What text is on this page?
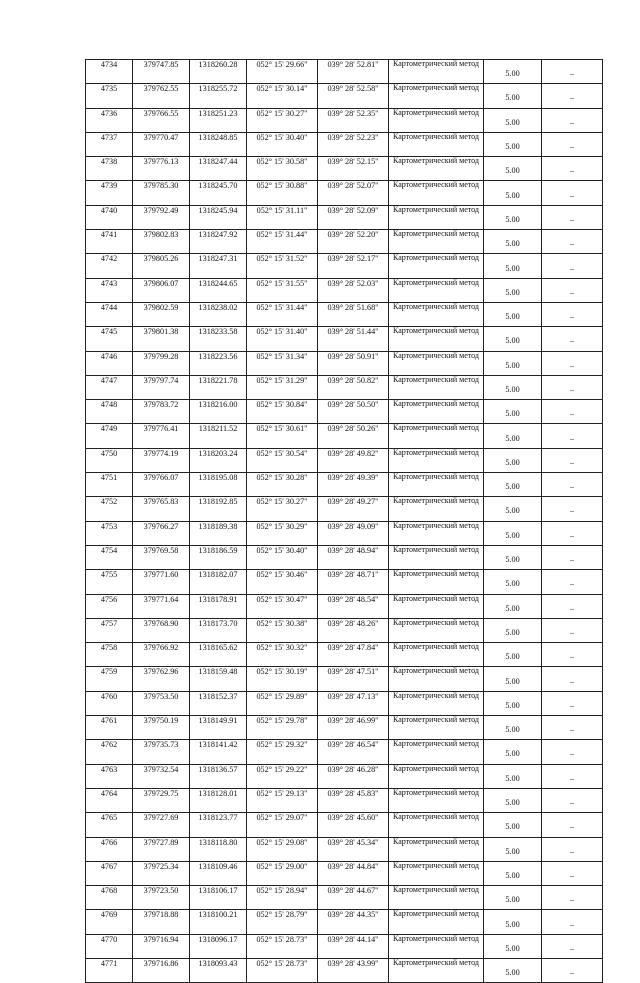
4734	379747.85	1318260.28	052° 15' 29.66"	039° 28' 52.81"	Картометрический метод	5.00	–
4735	379762.55	1318255.72	052° 15' 30.14"	039° 28' 52.58"	Картометрический метод	5.00	–
4736	379766.55	1318251.23	052° 15' 30.27"	039° 28' 52.35"	Картометрический метод	5.00	–
4737	379770.47	1318248.85	052° 15' 30.40"	039° 28' 52.23"	Картометрический метод	5.00	–
4738	379776.13	1318247.44	052° 15' 30.58"	039° 28' 52.15"	Картометрический метод	5.00	–
4739	379785.30	1318245.70	052° 15' 30.88"	039° 28' 52.07"	Картометрический метод	5.00	–
4740	379792.49	1318245.94	052° 15' 31.11"	039° 28' 52.09"	Картометрический метод	5.00	–
4741	379802.83	1318247.92	052° 15' 31.44"	039° 28' 52.20"	Картометрический метод	5.00	–
4742	379805.26	1318247.31	052° 15' 31.52"	039° 28' 52.17"	Картометрический метод	5.00	–
4743	379806.07	1318244.65	052° 15' 31.55"	039° 28' 52.03"	Картометрический метод	5.00	–
4744	379802.59	1318238.02	052° 15' 31.44"	039° 28' 51.68"	Картометрический метод	5.00	–
4745	379801.38	1318233.58	052° 15' 31.40"	039° 28' 51.44"	Картометрический метод	5.00	–
4746	379799.28	1318223.56	052° 15' 31.34"	039° 28' 50.91"	Картометрический метод	5.00	–
4747	379797.74	1318221.78	052° 15' 31.29"	039° 28' 50.82"	Картометрический метод	5.00	–
4748	379783.72	1318216.00	052° 15' 30.84"	039° 28' 50.50"	Картометрический метод	5.00	–
4749	379776.41	1318211.52	052° 15' 30.61"	039° 28' 50.26"	Картометрический метод	5.00	–
4750	379774.19	1318203.24	052° 15' 30.54"	039° 28' 49.82"	Картометрический метод	5.00	–
4751	379766.07	1318195.08	052° 15' 30.28"	039° 28' 49.39"	Картометрический метод	5.00	–
4752	379765.83	1318192.85	052° 15' 30.27"	039° 28' 49.27"	Картометрический метод	5.00	–
4753	379766.27	1318189.38	052° 15' 30.29"	039° 28' 49.09"	Картометрический метод	5.00	–
4754	379769.58	1318186.59	052° 15' 30.40"	039° 28' 48.94"	Картометрический метод	5.00	–
4755	379771.60	1318182.07	052° 15' 30.46"	039° 28' 48.71"	Картометрический метод	5.00	–
4756	379771.64	1318178.91	052° 15' 30.47"	039° 28' 48.54"	Картометрический метод	5.00	–
4757	379768.90	1318173.70	052° 15' 30.38"	039° 28' 48.26"	Картометрический метод	5.00	–
4758	379766.92	1318165.62	052° 15' 30.32"	039° 28' 47.84"	Картометрический метод	5.00	–
4759	379762.96	1318159.48	052° 15' 30.19"	039° 28' 47.51"	Картометрический метод	5.00	–
4760	379753.50	1318152.37	052° 15' 29.89"	039° 28' 47.13"	Картометрический метод	5.00	–
4761	379750.19	1318149.91	052° 15' 29.78"	039° 28' 46.99"	Картометрический метод	5.00	–
4762	379735.73	1318141.42	052° 15' 29.32"	039° 28' 46.54"	Картометрический метод	5.00	–
4763	379732.54	1318136.57	052° 15' 29.22"	039° 28' 46.28"	Картометрический метод	5.00	–
4764	379729.75	1318128.01	052° 15' 29.13"	039° 28' 45.83"	Картометрический метод	5.00	–
4765	379727.69	1318123.77	052° 15' 29.07"	039° 28' 45.60"	Картометрический метод	5.00	–
4766	379727.89	1318118.80	052° 15' 29.08"	039° 28' 45.34"	Картометрический метод	5.00	–
4767	379725.34	1318109.46	052° 15' 29.00"	039° 28' 44.84"	Картометрический метод	5.00	–
4768	379723.50	1318106.17	052° 15' 28.94"	039° 28' 44.67"	Картометрический метод	5.00	–
4769	379718.88	1318100.21	052° 15' 28.79"	039° 28' 44.35"	Картометрический метод	5.00	–
4770	379716.94	1318096.17	052° 15' 28.73"	039° 28' 44.14"	Картометрический метод	5.00	–
4771	379716.86	1318093.43	052° 15' 28.73"	039° 28' 43.99"	Картометрический метод	5.00	–
